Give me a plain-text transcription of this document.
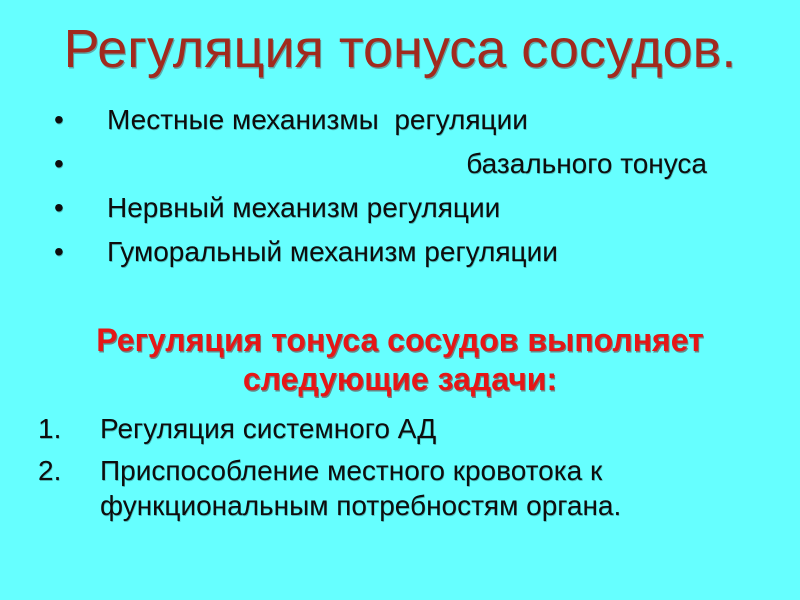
Регуляция тонуса сосудов.
•	Местные механизмы  регуляции
•	базального тонуса
•	Нервный механизм регуляции
•	Гуморальный механизм регуляции
Регуляция тонуса сосудов выполняет
следующие задачи:
1.	Регуляция системного АД
2.	Приспособление местного кровотока к функциональным потребностям органа.
